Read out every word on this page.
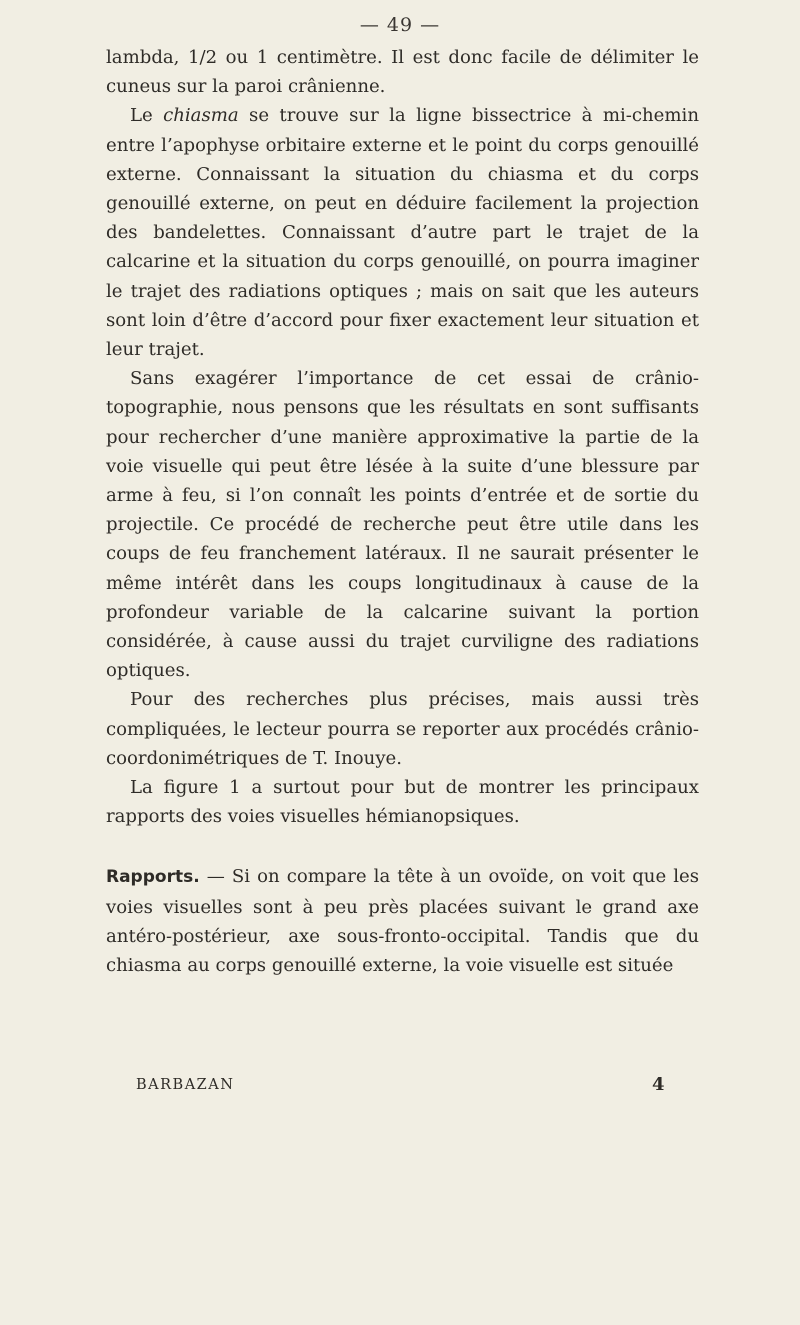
— 49 —

lambda, 1/2 ou 1 centimètre. Il est donc facile de délimiter le cuneus sur la paroi crânienne.

Le chiasma se trouve sur la ligne bissectrice à mi-chemin entre l’apophyse orbitaire externe et le point du corps genouillé externe. Connaissant la situation du chiasma et du corps genouillé externe, on peut en déduire facilement la projection des bandelettes. Connaissant d’autre part le trajet de la calcarine et la situation du corps genouillé, on pourra imaginer le trajet des radiations optiques ; mais on sait que les auteurs sont loin d’être d’accord pour fixer exactement leur situation et leur trajet.

Sans exagérer l’importance de cet essai de crânio-topographie, nous pensons que les résultats en sont suffisants pour rechercher d’une manière approximative la partie de la voie visuelle qui peut être lésée à la suite d’une blessure par arme à feu, si l’on connaît les points d’entrée et de sortie du projectile. Ce procédé de recherche peut être utile dans les coups de feu franchement latéraux. Il ne saurait présenter le même intérêt dans les coups longitudinaux à cause de la profondeur variable de la calcarine suivant la portion considérée, à cause aussi du trajet curviligne des radiations optiques.

Pour des recherches plus précises, mais aussi très compliquées, le lecteur pourra se reporter aux procédés crânio-coordonimétriques de T. Inouye.

La figure 1 a surtout pour but de montrer les principaux rapports des voies visuelles hémianopsiques.

Rapports. — Si on compare la tête à un ovoïde, on voit que les voies visuelles sont à peu près placées suivant le grand axe antéro-postérieur, axe sous-fronto-occipital. Tandis que du chiasma au corps genouillé externe, la voie visuelle est située

BARBAZAN	4
